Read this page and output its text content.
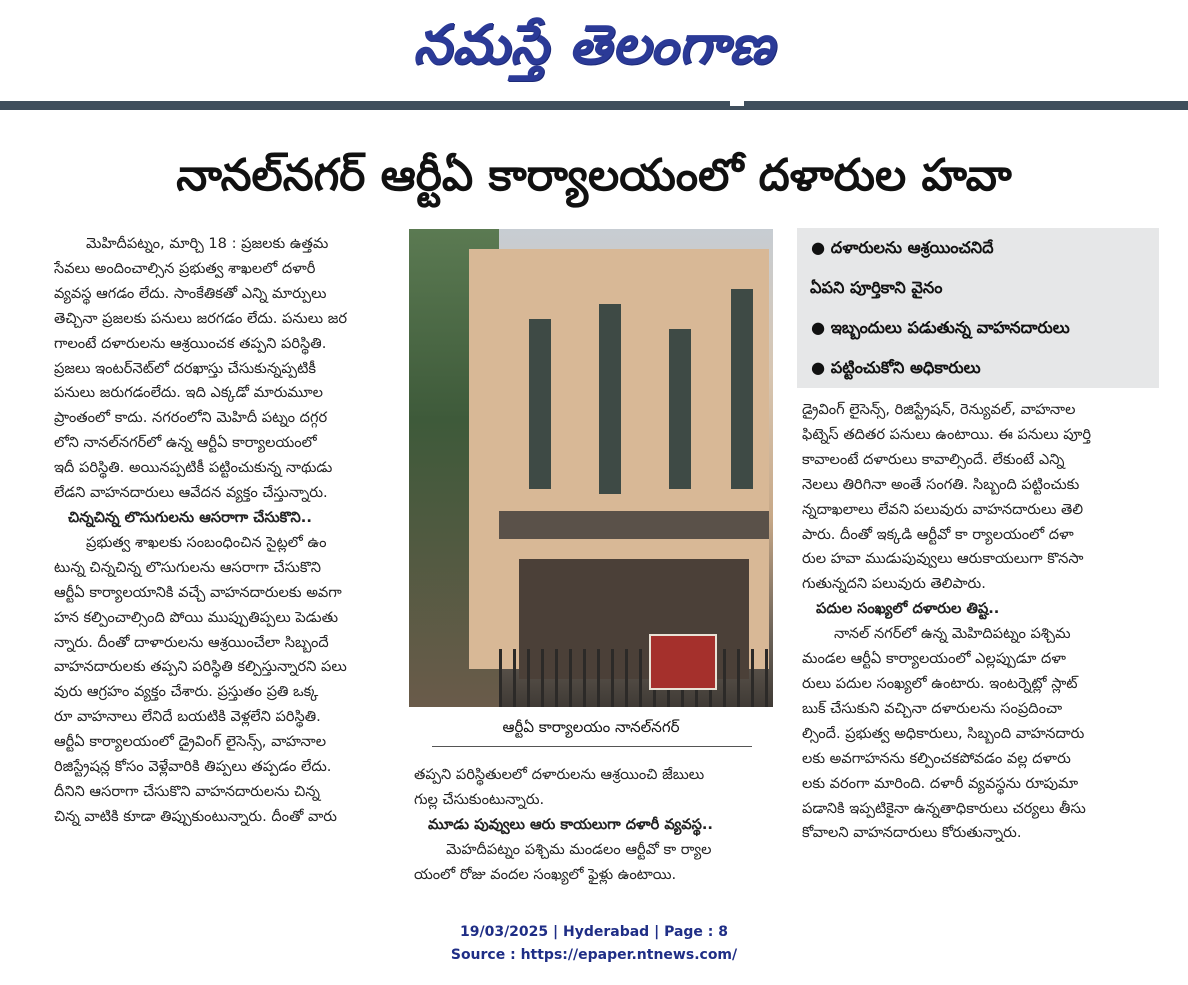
నమస్తే తెలంగాణ
నానల్‌నగర్ ఆర్టీఏ కార్యాలయంలో దళారుల హవా

మెహిదీపట్నం, మార్చి 18 : ప్రజలకు ఉత్తమ

సేవలు అందించాల్సిన ప్రభుత్వ శాఖలలో దళారీ

వ్యవస్థ ఆగడం లేదు. సాంకేతికతో ఎన్ని మార్పులు

తెచ్చినా ప్రజలకు పనులు జరగడం లేదు. పనులు జర

గాలంటే దళారులను ఆశ్రయించక తప్పని పరిస్థితి.

ప్రజలు ఇంటర్‌నెట్‌లో దరఖాస్తు చేసుకున్నప్పటికీ

పనులు జరుగడంలేదు. ఇది ఎక్కడో మారుమూల

ప్రాంతంలో కాదు. నగరంలోని మెహిదీ పట్నం దగ్గర

లోని నానల్‌నగర్‌లో ఉన్న ఆర్టీఏ కార్యాలయంలో

ఇదీ పరిస్థితి. అయినప్పటికీ పట్టించుకున్న నాథుడు

లేడని వాహనదారులు ఆవేదన వ్యక్తం చేస్తున్నారు.

చిన్నచిన్న లొసుగులను ఆసరాగా చేసుకొని..

ప్రభుత్వ శాఖలకు సంబంధించిన సైట్లలో ఉం

టున్న చిన్నచిన్న లొసుగులను ఆసరాగా చేసుకొని

ఆర్టీఏ కార్యాలయానికి వచ్చే వాహనదారులకు అవగా

హన కల్పించాల్సింది పోయి ముప్పుతిప్పలు పెడుతు

న్నారు. దీంతో దాళారులను ఆశ్రయించేలా సిబ్బందే

వాహనదారులకు తప్పని పరిస్థితి కల్పిస్తున్నారని పలు

వురు ఆగ్రహం వ్యక్తం చేశారు. ప్రస్తుతం ప్రతి ఒక్క

రూ వాహనాలు లేనిదే బయటికి వెళ్లలేని పరిస్థితి.

ఆర్టీఏ కార్యాలయంలో డ్రైవింగ్ లైసెన్స్, వాహనాల

రిజిస్ట్రేషన్ల కోసం వెళ్లేవారికి తిప్పలు తప్పడం లేదు.

దీనిని ఆసరాగా చేసుకొని వాహనదారులను చిన్న

చిన్న వాటికి కూడా తిప్పుకుంటున్నారు. దీంతో వారు

ఆర్టీఏ కార్యాలయం నానల్‌నగర్

తప్పని పరిస్థితులలో దళారులను ఆశ్రయించి జేబులు

గుల్ల చేసుకుంటున్నారు.

మూడు పువ్వులు ఆరు కాయలుగా దళారీ వ్యవస్థ..

మెహదీపట్నం పశ్చిమ మండలం ఆర్టీవో కా ర్యాల

యంలో రోజు వందల సంఖ్యలో ఫైళ్లు ఉంటాయి.

● దళారులను ఆశ్రయించనిదే
ఏపని పూర్తికాని వైనం
● ఇబ్బందులు పడుతున్న వాహనదారులు
● పట్టించుకోని అధికారులు

డ్రైవింగ్ లైసెన్స్, రిజిస్ట్రేషన్, రెన్యువల్, వాహనాల

ఫిట్నెస్ తదితర పనులు ఉంటాయి. ఈ పనులు పూర్తి

కావాలంటే దళారులు కావాల్సిందే. లేకుంటే ఎన్ని

నెలలు తిరిగినా అంతే సంగతి. సిబ్బంది పట్టించుకు

న్నదాఖలాలు లేవని పలువురు వాహనదారులు తెలి

పారు. దీంతో ఇక్కడి ఆర్టీవో కా ర్యాలయంలో దళా

రుల హవా ముడుపువ్వులు ఆరుకాయలుగా కొనసా

గుతున్నదని పలువురు తెలిపారు.

పదుల సంఖ్యలో దళారుల తిష్ట..

నానల్ నగర్‌లో ఉన్న మెహిదిపట్నం పశ్చిమ

మండల ఆర్టీఏ కార్యాలయంలో ఎల్లప్పుడూ దళా

రులు పదుల సంఖ్యలో ఉంటారు. ఇంటర్నెట్లో స్లాట్

బుక్ చేసుకుని వచ్చినా దళారులను సంప్రదించా

ల్సిందే. ప్రభుత్వ అధికారులు, సిబ్బంది వాహనదారు

లకు అవగాహనను కల్పించకపోవడం వల్ల దళారు

లకు వరంగా మారింది. దళారీ వ్యవస్థను రూపుమా

పడానికి ఇప్పటికైనా ఉన్నతాధికారులు చర్యలు తీసు

కోవాలని వాహనదారులు కోరుతున్నారు.

19/03/2025 | Hyderabad | Page : 8
Source : https://epaper.ntnews.com/
